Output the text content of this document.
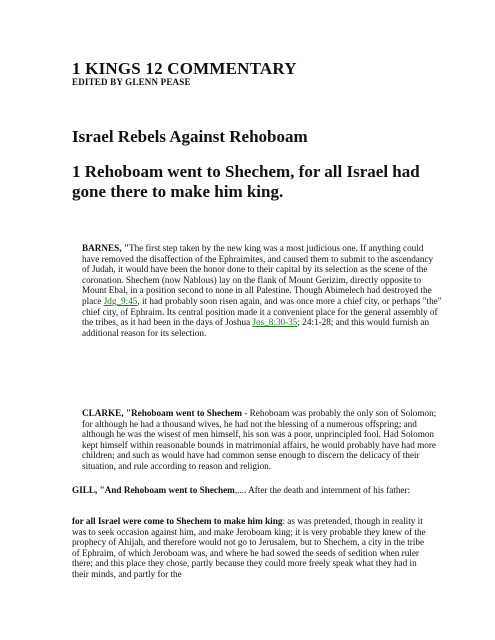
1 KINGS 12 COMMENTARY
EDITED BY GLENN PEASE
Israel Rebels Against Rehoboam
1 Rehoboam went to Shechem, for all Israel had gone there to make him king.
BARNES, "The first step taken by the new king was a most judicious one. If anything could have removed the disaffection of the Ephraimites, and caused them to submit to the ascendancy of Judah, it would have been the honor done to their capital by its selection as the scene of the coronation. Shechem (now Nablous) lay on the flank of Mount Gerizim, directly opposite to Mount Ebal, in a position second to none in all Palestine. Though Abimelech had destroyed the place Jdg_9:45, it had probably soon risen again, and was once more a chief city, or perhaps "the" chief city, of Ephraim. Its central position made it a convenient place for the general assembly of the tribes, as it had been in the days of Joshua Jos_8:30-35; 24:1-28; and this would furnish an additional reason for its selection.
CLARKE, "Rehoboam went to Shechem - Rehoboam was probably the only son of Solomon; for although he had a thousand wives, he had not the blessing of a numerous offspring; and although he was the wisest of men himself, his son was a poor, unprincipled fool. Had Solomon kept himself within reasonable bounds in matrimonial affairs, he would probably have had more children; and such as would have had common sense enough to discern the delicacy of their situation, and rule according to reason and religion.
GILL, "And Rehoboam went to Shechem,.... After the death and internment of his father:
for all Israel were come to Shechem to make him king: as was pretended, though in reality it was to seek occasion against him, and make Jeroboam king; it is very probable they knew of the prophecy of Ahijah, and therefore would not go to Jerusalem, but to Shechem, a city in the tribe of Ephraim, of which Jeroboam was, and where he had sowed the seeds of sedition when ruler there; and this place they chose, partly because they could more freely speak what they had in their minds, and partly for the
